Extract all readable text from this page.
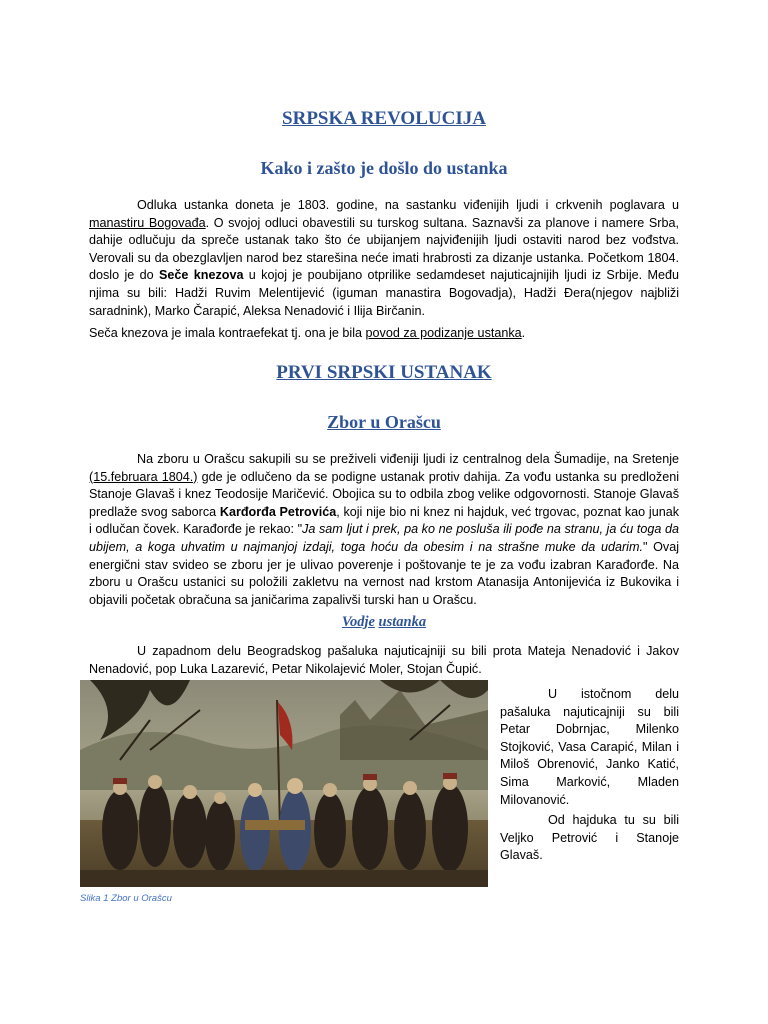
SRPSKA REVOLUCIJA
Kako i zašto je došlo do ustanka

Odluka ustanka doneta je 1803. godine, na sastanku viđenijih ljudi i crkvenih poglavara u manastiru Bogovađa. O svojoj odluci obavestili su turskog sultana. Saznavši za planove i namere Srba, dahije odlučuju da spreče ustanak tako što će ubijanjem najviđenijih ljudi ostaviti narod bez vođstva. Verovali su da obezglavljen narod bez starešina neće imati hrabrosti za dizanje ustanka. Početkom 1804. doslo je do Seče knezova u kojoj je poubijano otprilike sedamdeset najuticajnijih ljudi iz Srbije. Među njima su bili: Hadži Ruvim Melentijević (iguman manastira Bogovadja), Hadži Đera(njegov najbliži saradnink), Marko Čarapić, Aleksa Nenadović i Ilija Birčanin.

Seča knezova je imala kontraefekat tj. ona je bila povod za podizanje ustanka.

PRVI SRPSKI USTANAK
Zbor u Orašcu

Na zboru u Orašcu sakupili su se preživeli viđeniji ljudi iz centralnog dela Šumadije, na Sretenje (15.februara 1804.) gde je odlučeno da se podigne ustanak protiv dahija. Za vođu ustanka su predloženi Stanoje Glavaš i knez Teodosije Maričević. Obojica su to odbila zbog velike odgovornosti. Stanoje Glavaš predlaže svog saborca Karđorđa Petrovića, koji nije bio ni knez ni hajduk, već trgovac, poznat kao junak i odlučan čovek. Karađorđe je rekao: "Ja sam ljut i prek, pa ko ne posluša ili pođe na stranu, ja ću toga da ubijem, a koga uhvatim u najmanjoj izdaji, toga hoću da obesim i na strašne muke da udarim." Ovaj energični stav svideo se zboru jer je ulivao poverenje i poštovanje te je za vođu izabran Karađorđe. Na zboru u Orašcu ustanici su položili zakletvu na vernost nad krstom Atanasija Antonijevića iz Bukovika i objavili početak obračuna sa janičarima zapalivši turski han u Orašcu.

Vodje ustanka

U zapadnom delu Beogradskog pašaluka najuticajniji su bili prota Mateja Nenadović i Jakov Nenadović, pop Luka Lazarević, Petar Nikolajević Moler, Stojan Čupić.

Slika 1 Zbor u Orašcu

U istočnom delu pašaluka najuticajniji su bili Petar Dobrnjac, Milenko Stojković, Vasa Carapić, Milan i Miloš Obrenović, Janko Katić, Sima Marković, Mladen Milovanović.

Od hajduka tu su bili Veljko Petrović i Stanoje Glavaš.
